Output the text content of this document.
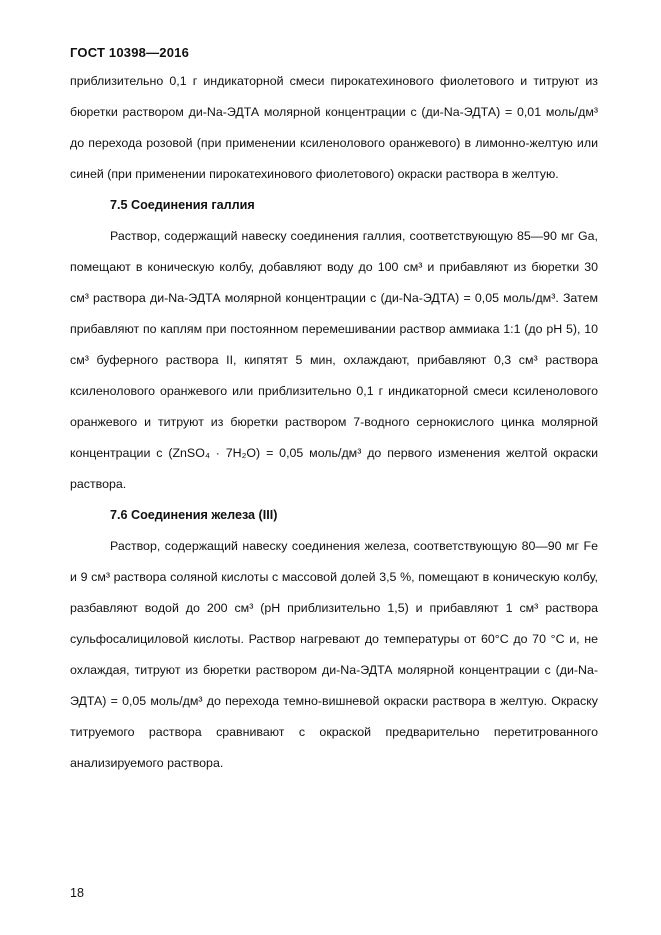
ГОСТ 10398—2016

приблизительно 0,1 г индикаторной смеси пирокатехинового фиолетового и титруют из бюретки раствором ди-Na-ЭДТА молярной концентрации c (ди-Na-ЭДТА) = 0,01 моль/дм³ до перехода розовой (при применении ксиленолового оранжевого) в лимонно-желтую или синей (при применении пирокатехинового фиолетового) окраски раствора в желтую.

7.5 Соединения галлия

Раствор, содержащий навеску соединения галлия, соответствующую 85—90 мг Ga, помещают в коническую колбу, добавляют воду до 100 см³ и прибавляют из бюретки 30 см³ раствора ди-Na-ЭДТА молярной концентрации c (ди-Na-ЭДТА) = 0,05 моль/дм³. Затем прибавляют по каплям при постоянном перемешивании раствор аммиака 1:1 (до рН 5), 10 см³ буферного раствора II, кипятят 5 мин, охлаждают, прибавляют 0,3 см³ раствора ксиленолового оранжевого или приблизительно 0,1 г индикаторной смеси ксиленолового оранжевого и титруют из бюретки раствором 7-водного сернокислого цинка молярной концентрации c (ZnSO₄ · 7H₂O) = 0,05 моль/дм³ до первого изменения желтой окраски раствора.

7.6 Соединения железа (III)

Раствор, содержащий навеску соединения железа, соответствующую 80—90 мг Fe и 9 см³ раствора соляной кислоты с массовой долей 3,5 %, помещают в коническую колбу, разбавляют водой до 200 см³ (рН приблизительно 1,5) и прибавляют 1 см³ раствора сульфосалициловой кислоты. Раствор нагревают до температуры от 60°С до 70 °С и, не охлаждая, титруют из бюретки раствором ди-Na-ЭДТА молярной концентрации c (ди-Na-ЭДТА) = 0,05 моль/дм³ до перехода темно-вишневой окраски раствора в желтую. Окраску титруемого раствора сравнивают с окраской предварительно перетитрованного анализируемого раствора.

18
